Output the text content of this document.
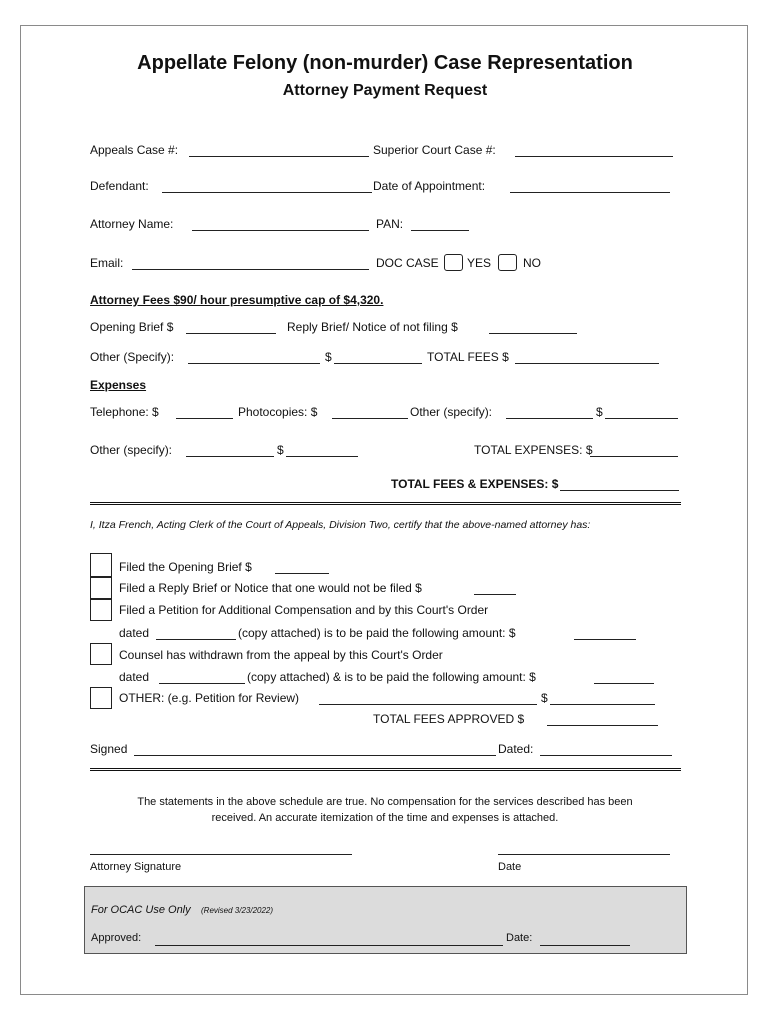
Appellate Felony (non-murder) Case Representation
Attorney Payment Request
Appeals Case #:	Superior Court Case #:
Defendant:	Date of Appointment:
Attorney Name:	PAN:
Email:	DOC CASE YES	NO
Attorney Fees $90/ hour presumptive cap of $4,320.
Opening Brief $	Reply Brief/ Notice of not filing $
Other (Specify):	$	TOTAL FEES $
Expenses
Telephone: $	Photocopies: $	Other (specify):	$
Other (specify):	$	TOTAL EXPENSES: $
TOTAL FEES & EXPENSES: $
I, Itza French, Acting Clerk of the Court of Appeals, Division Two, certify that the above-named attorney has:
Filed the Opening Brief $
Filed a Reply Brief or Notice that one would not be filed $
Filed a Petition for Additional Compensation and by this Court's Order
dated	(copy attached) is to be paid the following amount: $
Counsel has withdrawn from the appeal by this Court's Order
dated	(copy attached) & is to be paid the following amount: $
OTHER: (e.g. Petition for Review)	$
TOTAL FEES APPROVED $
Signed	Dated:
The statements in the above schedule are true. No compensation for the services described has been
received. An accurate itemization of the time and expenses is attached.
Attorney Signature	Date
For OCAC Use Only (Revised 3/23/2022)
Approved:	Date:
